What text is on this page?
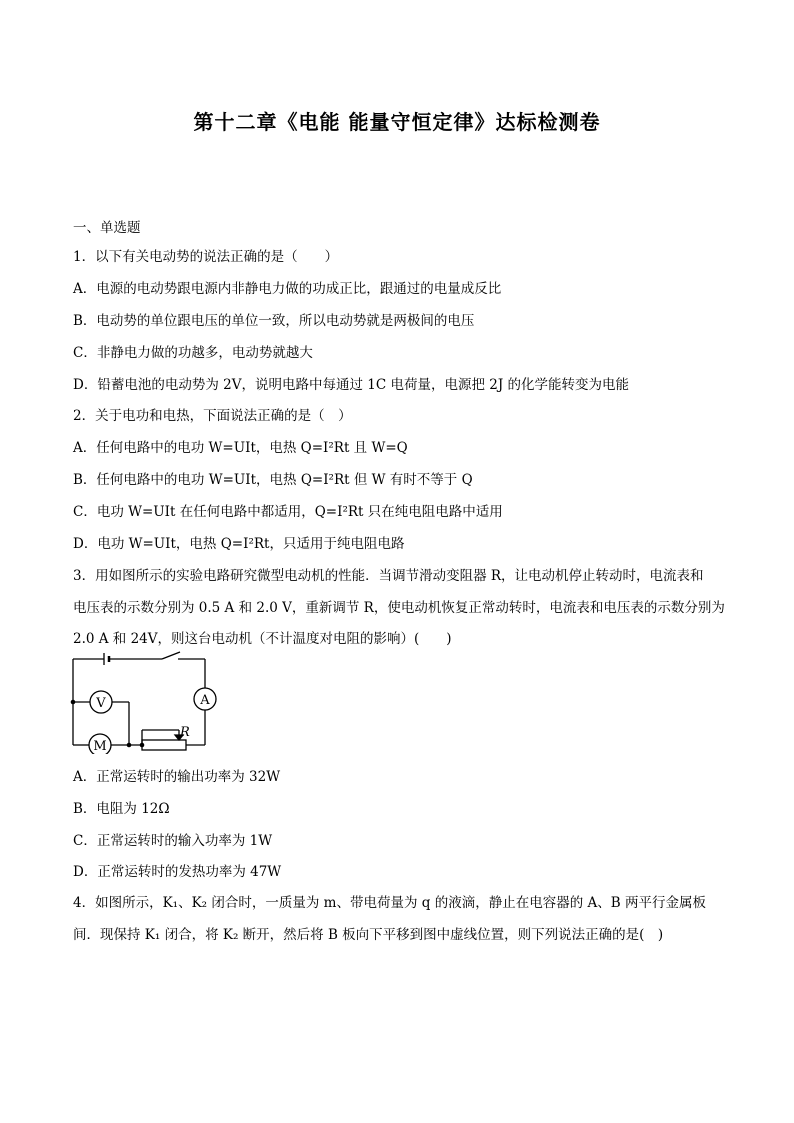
第十二章《电能 能量守恒定律》达标检测卷
一、单选题
1．以下有关电动势的说法正确的是（　　）
A．电源的电动势跟电源内非静电力做的功成正比，跟通过的电量成反比
B．电动势的单位跟电压的单位一致，所以电动势就是两极间的电压
C．非静电力做的功越多，电动势就越大
D．铅蓄电池的电动势为 2V，说明电路中每通过 1C 电荷量，电源把 2J 的化学能转变为电能
2．关于电功和电热，下面说法正确的是（　）
A．任何电路中的电功 W=UIt，电热 Q=I²Rt 且 W=Q
B．任何电路中的电功 W=UIt，电热 Q=I²Rt 但 W 有时不等于 Q
C．电功 W=UIt 在任何电路中都适用，Q=I²Rt 只在纯电阻电路中适用
D．电功 W=UIt，电热 Q=I²Rt，只适用于纯电阻电路
3．用如图所示的实验电路研究微型电动机的性能．当调节滑动变阻器 R，让电动机停止转动时，电流表和
电压表的示数分别为 0.5 A 和 2.0 V，重新调节 R，使电动机恢复正常动转时，电流表和电压表的示数分别为
2.0 A 和 24V，则这台电动机（不计温度对电阻的影响）(　　)
V	A
M
R
A．正常运转时的输出功率为 32W
B．电阻为 12Ω
C．正常运转时的输入功率为 1W
D．正常运转时的发热功率为 47W
4．如图所示，K₁、K₂ 闭合时，一质量为 m、带电荷量为 q 的液滴，静止在电容器的 A、B 两平行金属板
间．现保持 K₁ 闭合，将 K₂ 断开，然后将 B 板向下平移到图中虚线位置，则下列说法正确的是(　)
